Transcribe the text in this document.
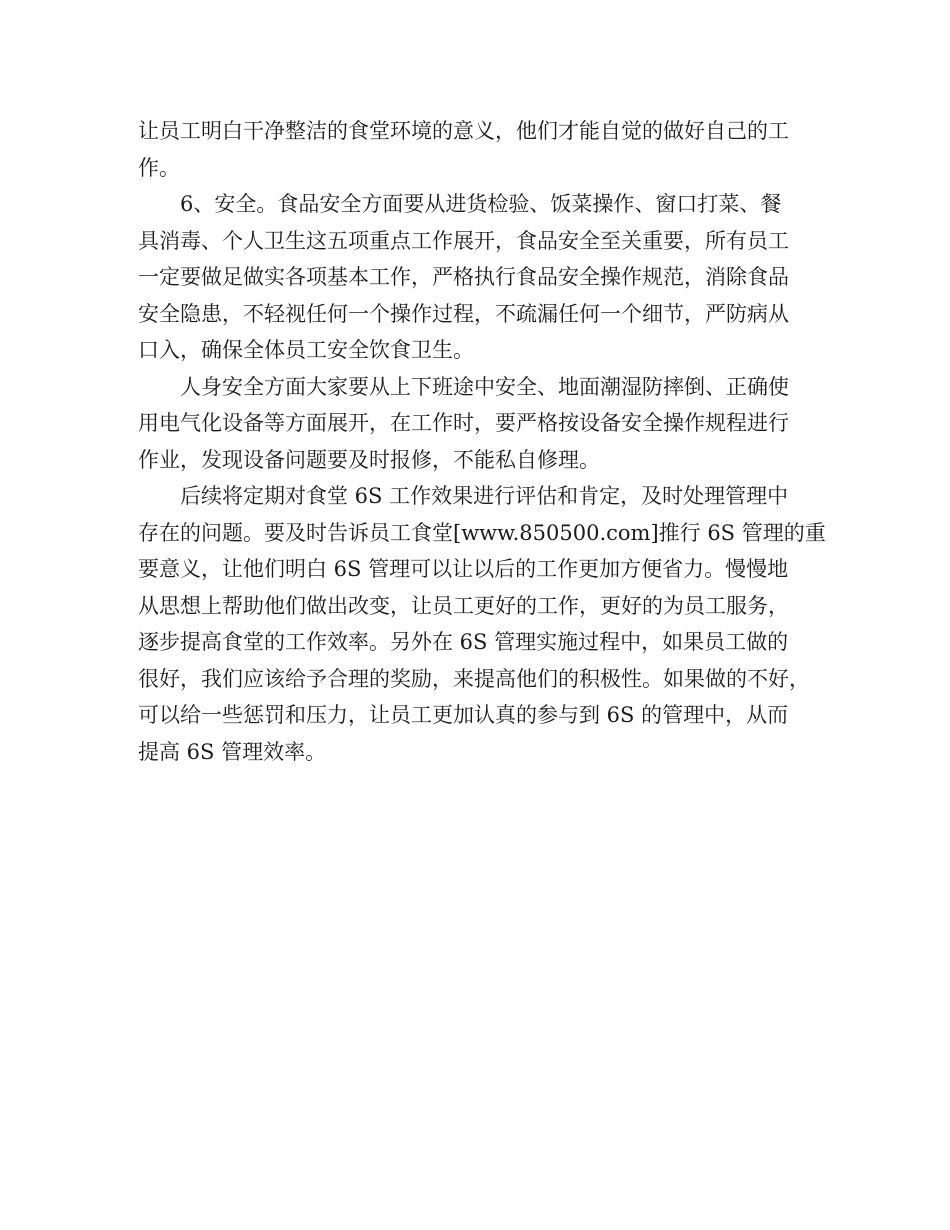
让员工明白干净整洁的食堂环境的意义，他们才能自觉的做好自己的工
作。
6、安全。食品安全方面要从进货检验、饭菜操作、窗口打菜、餐
具消毒、个人卫生这五项重点工作展开，食品安全至关重要，所有员工
一定要做足做实各项基本工作，严格执行食品安全操作规范，消除食品
安全隐患，不轻视任何一个操作过程，不疏漏任何一个细节，严防病从
口入，确保全体员工安全饮食卫生。
人身安全方面大家要从上下班途中安全、地面潮湿防摔倒、正确使
用电气化设备等方面展开，在工作时，要严格按设备安全操作规程进行
作业，发现设备问题要及时报修，不能私自修理。
后续将定期对食堂 6S 工作效果进行评估和肯定，及时处理管理中
存在的问题。要及时告诉员工食堂[www.850500.com]推行 6S 管理的重
要意义，让他们明白 6S 管理可以让以后的工作更加方便省力。慢慢地
从思想上帮助他们做出改变，让员工更好的工作，更好的为员工服务，
逐步提高食堂的工作效率。另外在 6S 管理实施过程中，如果员工做的
很好，我们应该给予合理的奖励，来提高他们的积极性。如果做的不好，
可以给一些惩罚和压力，让员工更加认真的参与到 6S 的管理中，从而
提高 6S 管理效率。
